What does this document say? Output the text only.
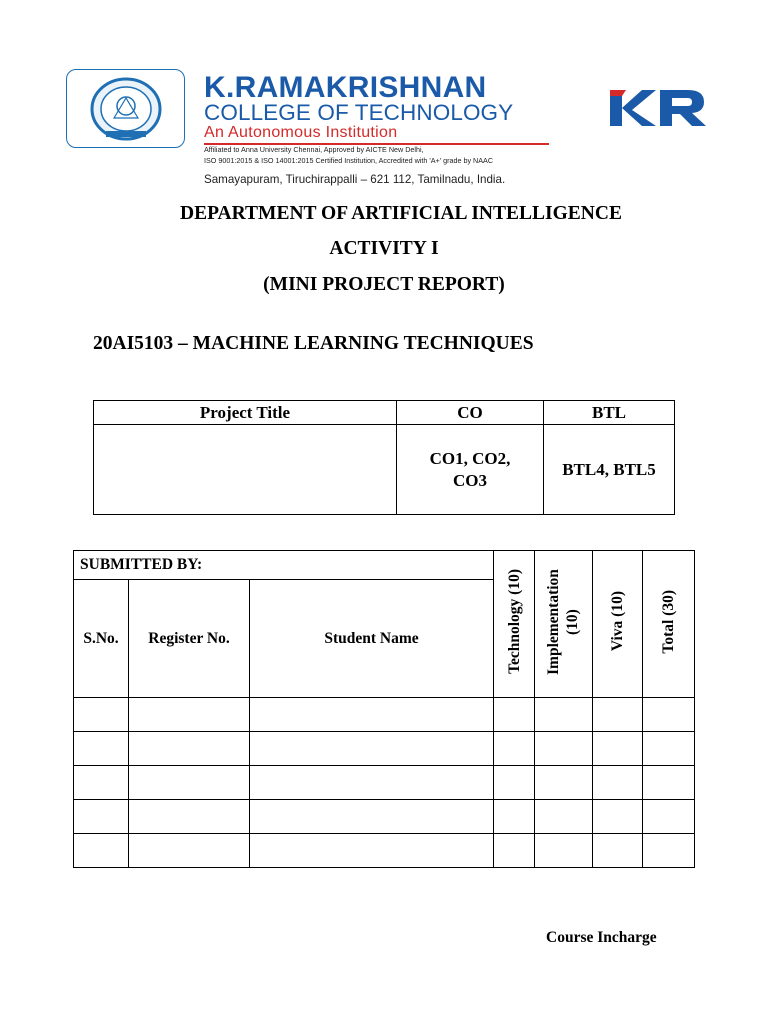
K.RAMAKRISHNAN
COLLEGE OF TECHNOLOGY
An Autonomous Institution
Affiliated to Anna University Chennai, Approved by AICTE New Delhi,
ISO 9001:2015 & ISO 14001:2015 Certified Institution, Accredited with 'A+' grade by NAAC
Samayapuram, Tiruchirappalli – 621 112, Tamilnadu, India.
DEPARTMENT OF ARTIFICIAL INTELLIGENCE
ACTIVITY I
(MINI PROJECT REPORT)
20AI5103 – MACHINE LEARNING TECHNIQUES
Project Title	CO	BTL
	CO1, CO2, CO3	BTL4, BTL5
SUBMITTED BY:			Technology (10)	Implementation (10)	Viva (10)	Total (30)
S.No.	Register No.	Student Name				

Course Incharge
